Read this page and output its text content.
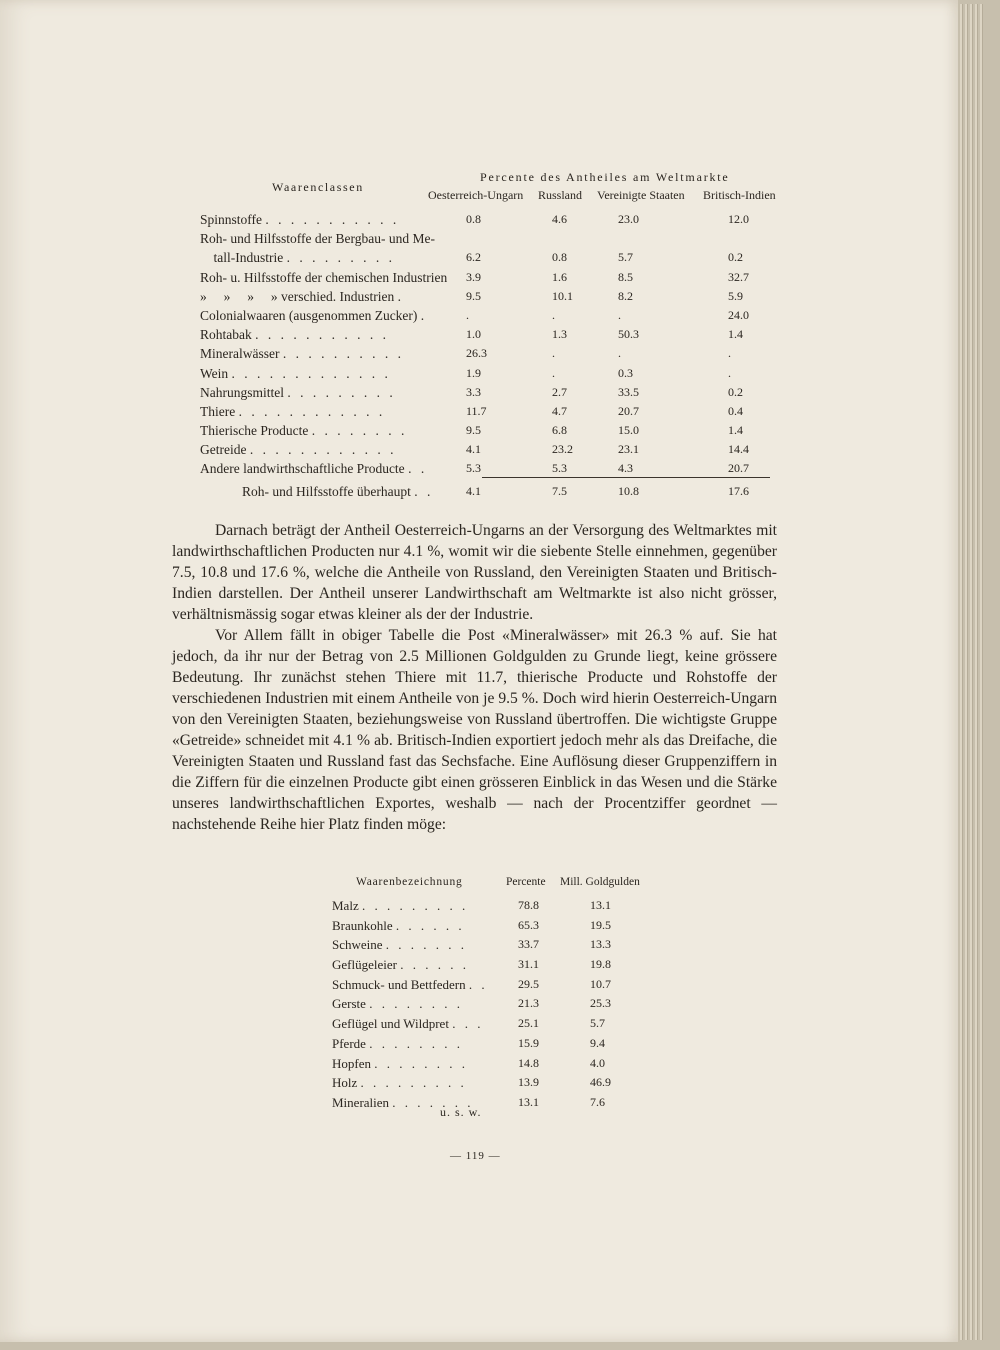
Percente des Antheiles am Weltmarkte
Waarenclassen
Oesterreich-Ungarn Russland Vereinigte Staaten Britisch-Indien
Spinnstoffe . . . . . . . . . . .	0.8	4.6	23.0	12.0
Roh- und Hilfsstoffe der Bergbau- und Me-
tall-Industrie . . . . . . . . .	6.2	0.8	5.7	0.2
Roh- u. Hilfsstoffe der chemischen Industrien 3.9	1.6	8.5	32.7
»     »     »     » verschied. Industrien .	9.5	10.1	8.2	5.9
Colonialwaaren (ausgenommen Zucker) .	.	.	.	24.0
Rohtabak . . . . . . . . . . .	1.0	1.3	50.3	1.4
Mineralwässer . . . . . . . . . .	26.3	.	.	.
Wein . . . . . . . . . . . . .	1.9	.	0.3	.
Nahrungsmittel . . . . . . . . .	3.3	2.7	33.5	0.2
Thiere . . . . . . . . . . . .	11.7	4.7	20.7	0.4
Thierische Producte . . . . . . . .	9.5	6.8	15.0	1.4
Getreide . . . . . . . . . . . .	4.1	23.2	23.1	14.4
Andere landwirthschaftliche Producte . .	5.3	5.3	4.3	20.7
Roh- und Hilfsstoffe überhaupt . .	4.1	7.5	10.8	17.6

Darnach beträgt der Antheil Oesterreich-Ungarns an der Versorgung des Weltmarktes mit landwirthschaftlichen Producten nur 4.1 %, womit wir die siebente Stelle einnehmen, gegenüber 7.5, 10.8 und 17.6 %, welche die Antheile von Russland, den Vereinigten Staaten und Britisch-Indien darstellen. Der Antheil unserer Landwirthschaft am Weltmarkte ist also nicht grösser, verhältnismässig sogar etwas kleiner als der der Industrie.

Vor Allem fällt in obiger Tabelle die Post «Mineralwässer» mit 26.3 % auf. Sie hat jedoch, da ihr nur der Betrag von 2.5 Millionen Goldgulden zu Grunde liegt, keine grössere Bedeutung. Ihr zunächst stehen Thiere mit 11.7, thierische Producte und Rohstoffe der verschiedenen Industrien mit einem Antheile von je 9.5 %. Doch wird hierin Oesterreich-Ungarn von den Vereinigten Staaten, beziehungsweise von Russland übertroffen. Die wichtigste Gruppe «Getreide» schneidet mit 4.1 % ab. Britisch-Indien exportiert jedoch mehr als das Dreifache, die Vereinigten Staaten und Russland fast das Sechsfache. Eine Auflösung dieser Gruppenziffern in die Ziffern für die einzelnen Producte gibt einen grösseren Einblick in das Wesen und die Stärke unseres landwirthschaftlichen Exportes, weshalb — nach der Procentziffer geordnet — nachstehende Reihe hier Platz finden möge:

Waarenbezeichnung	Percente Mill. Goldgulden
Malz . . . . . . . . .	78.8	13.1
Braunkohle . . . . . .	65.3	19.5
Schweine . . . . . . .	33.7	13.3
Geflügeleier . . . . . .	31.1	19.8
Schmuck- und Bettfedern . .	29.5	10.7
Gerste . . . . . . . .	21.3	25.3
Geflügel und Wildpret . . .	25.1	5.7
Pferde . . . . . . . .	15.9	9.4
Hopfen . . . . . . . .	14.8	4.0
Holz . . . . . . . . .	13.9	46.9
Mineralien . . . . . . .	13.1	7.6
u. s. w.
— 119 —
